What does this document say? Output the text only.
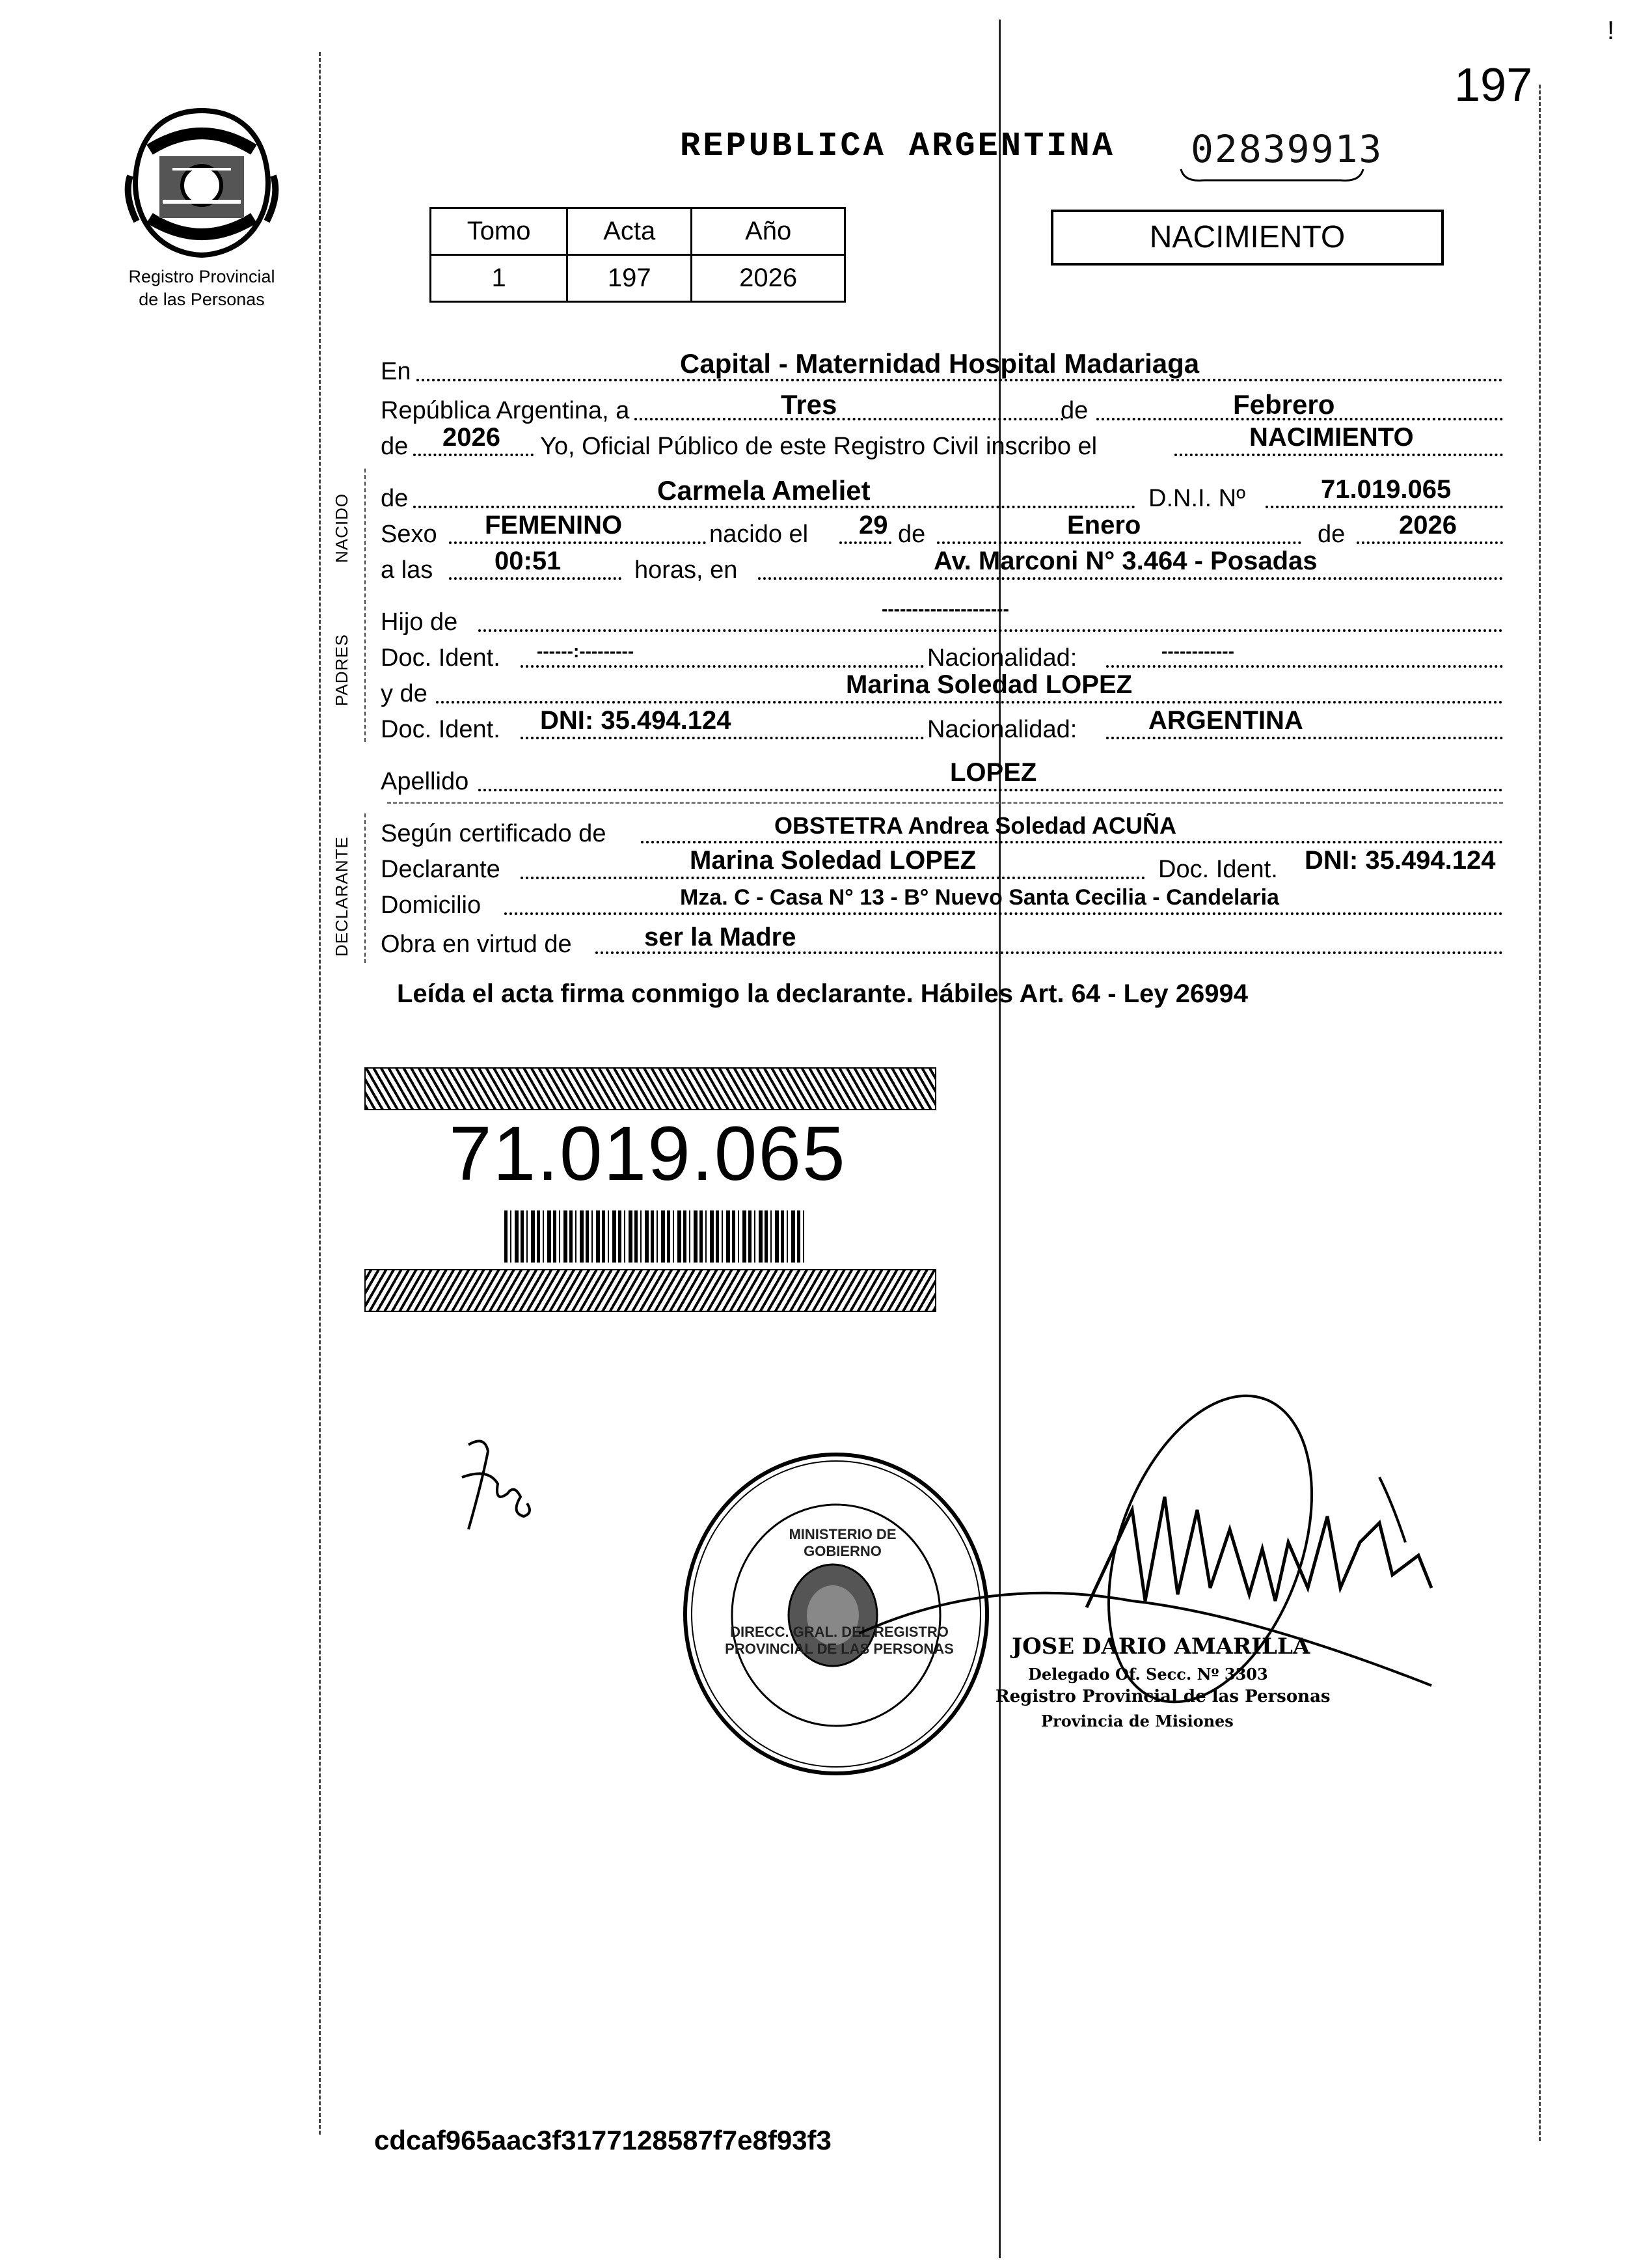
197
!
Registro Provincial
de las Personas
REPUBLICA ARGENTINA 02839913
Tomo	Acta	Año
1	197	2026
NACIMIENTO
NACIDO
PADRES
DECLARANTE
En	Capital - Maternidad Hospital Madariaga
República Argentina, a	Tres	de	Febrero
de 2026 Yo, Oficial Público de este Registro Civil inscribo el	NACIMIENTO
de	Carmela Ameliet	D.N.I. Nº	71.019.065
Sexo FEMENINO	nacido el 29 de	Enero	de 2026
a las 00:51	horas, en	Av. Marconi N° 3.464 - Posadas
Hijo de	---------------------
Doc. Ident. ------:---------	Nacionalidad:	------------
y de	Marina Soledad LOPEZ
Doc. Ident. DNI: 35.494.124	Nacionalidad:	ARGENTINA
Apellido	LOPEZ
Según certificado de	OBSTETRA Andrea Soledad ACUÑA
Declarante	Marina Soledad LOPEZ	Doc. Ident. DNI: 35.494.124
Domicilio	Mza. C - Casa N° 13 - B° Nuevo Santa Cecilia - Candelaria
Obra en virtud de	ser la Madre
Leída el acta firma conmigo la declarante. Hábiles Art. 64 - Ley 26994
71.019.065
DIRECC. GRAL. DEL REGISTRO PROVINCIAL DE LAS PERSONAS
MINISTERIO DE GOBIERNO
JOSE DARIO AMARILLA
Delegado Of. Secc. Nº 3303
Registro Provincial de las Personas
Provincia de Misiones
cdcaf965aac3f3177128587f7e8f93f3
